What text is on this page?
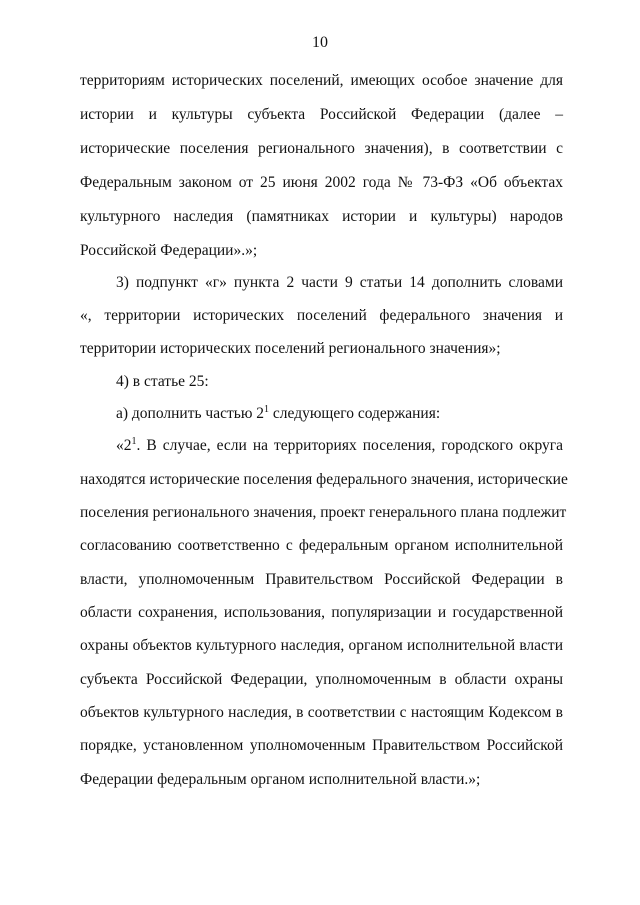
10
территориям исторических поселений, имеющих особое значение для
истории и культуры субъекта Российской Федерации (далее –
исторические поселения регионального значения), в соответствии с
Федеральным законом от 25 июня 2002 года № 73-ФЗ «Об объектах
культурного наследия (памятниках истории и культуры) народов
Российской Федерации».»;
3) подпункт «г» пункта 2 части 9 статьи 14 дополнить словами
«, территории исторических поселений федерального значения и
территории исторических поселений регионального значения»;
4) в статье 25:
а) дополнить частью $2^1$ следующего содержания:
«$2^1$. В случае, если на территориях поселения, городского округа
находятся исторические поселения федерального значения, исторические
поселения регионального значения, проект генерального плана подлежит
согласованию соответственно с федеральным органом исполнительной
власти, уполномоченным Правительством Российской Федерации в
области сохранения, использования, популяризации и государственной
охраны объектов культурного наследия, органом исполнительной власти
субъекта Российской Федерации, уполномоченным в области охраны
объектов культурного наследия, в соответствии с настоящим Кодексом в
порядке, установленном уполномоченным Правительством Российской
Федерации федеральным органом исполнительной власти.»;
